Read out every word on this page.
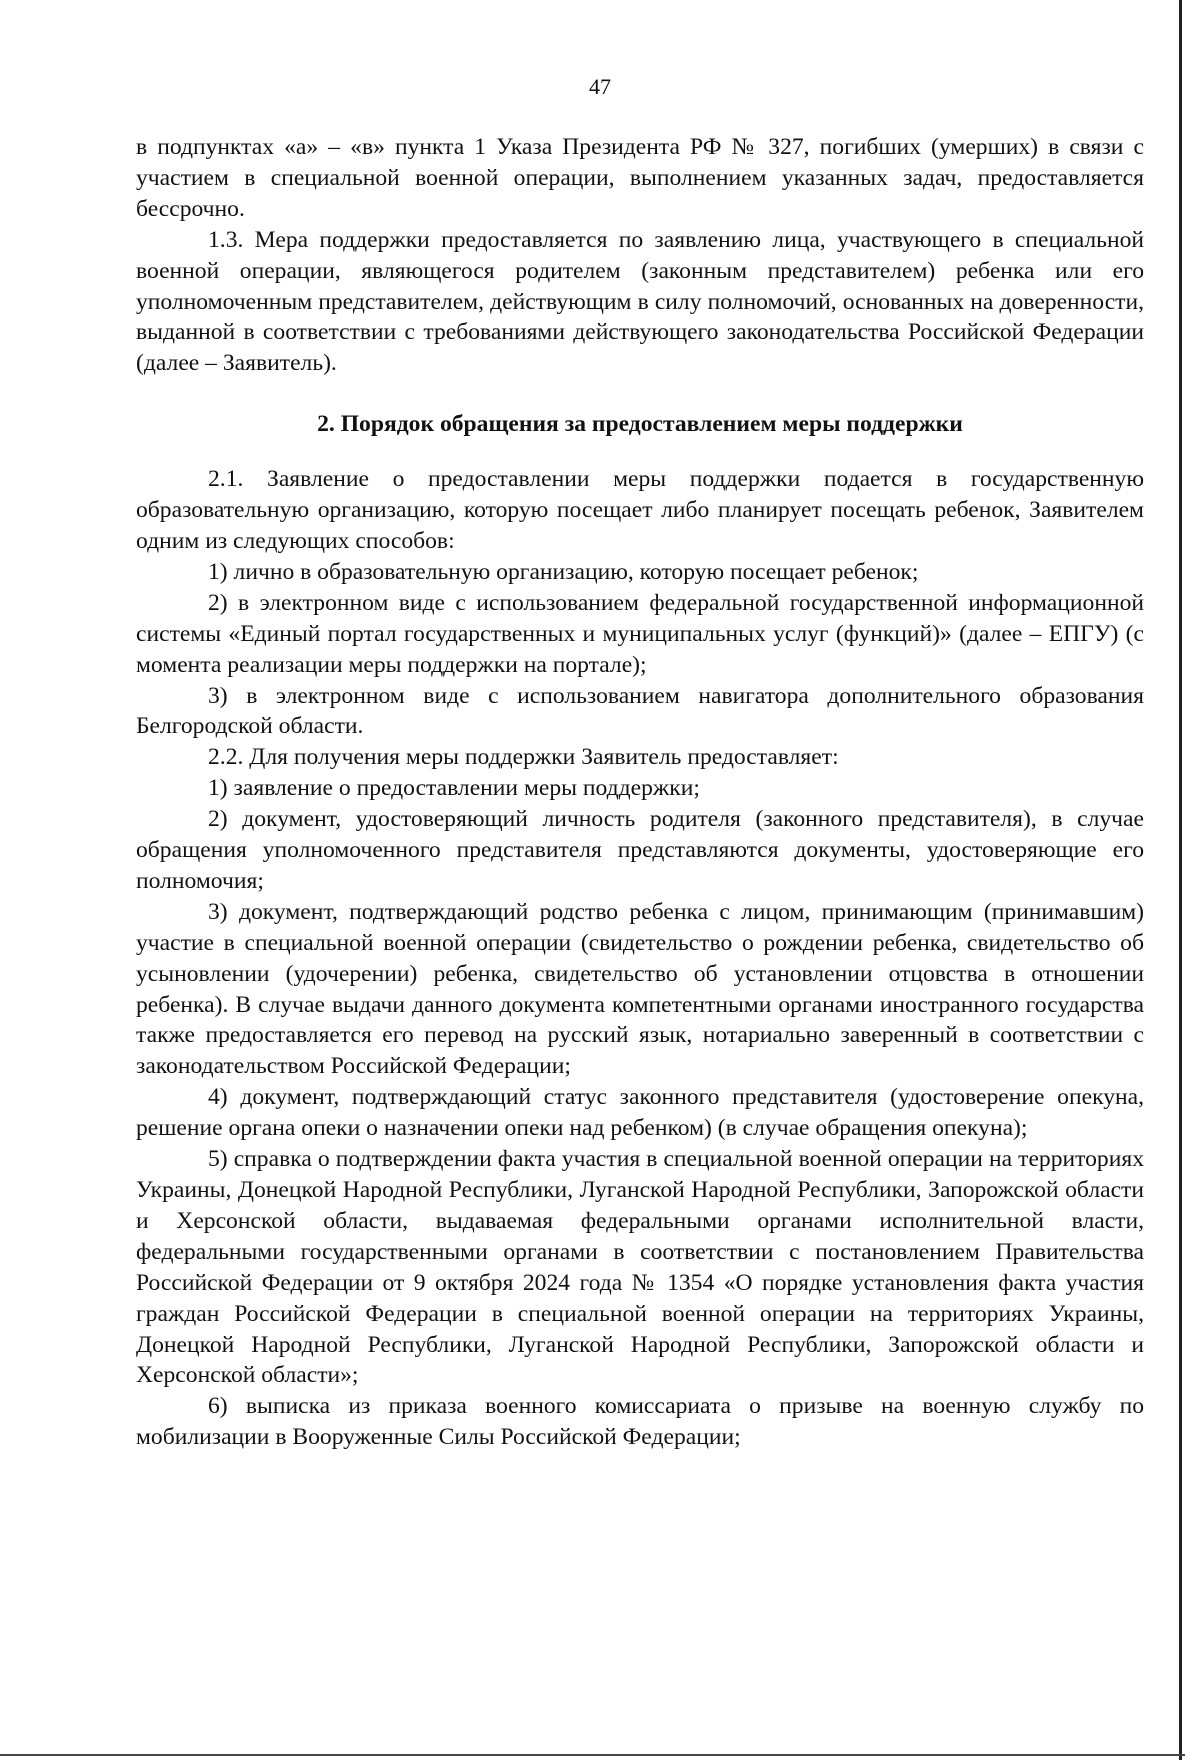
47

в подпунктах «а» – «в» пункта 1 Указа Президента РФ № 327, погибших (умерших) в связи с участием в специальной военной операции, выполнением указанных задач, предоставляется бессрочно.

1.3. Мера поддержки предоставляется по заявлению лица, участвующего в специальной военной операции, являющегося родителем (законным представителем) ребенка или его уполномоченным представителем, действующим в силу полномочий, основанных на доверенности, выданной в соответствии с требованиями действующего законодательства Российской Федерации (далее – Заявитель).

2. Порядок обращения за предоставлением меры поддержки

2.1. Заявление о предоставлении меры поддержки подается в государственную образовательную организацию, которую посещает либо планирует посещать ребенок, Заявителем одним из следующих способов:

1) лично в образовательную организацию, которую посещает ребенок;

2) в электронном виде с использованием федеральной государственной информационной системы «Единый портал государственных и муниципальных услуг (функций)» (далее – ЕПГУ) (с момента реализации меры поддержки на портале);

3) в электронном виде с использованием навигатора дополнительного образования Белгородской области.

2.2. Для получения меры поддержки Заявитель предоставляет:

1) заявление о предоставлении меры поддержки;

2) документ, удостоверяющий личность родителя (законного представителя), в случае обращения уполномоченного представителя представляются документы, удостоверяющие его полномочия;

3) документ, подтверждающий родство ребенка с лицом, принимающим (принимавшим) участие в специальной военной операции (свидетельство о рождении ребенка, свидетельство об усыновлении (удочерении) ребенка, свидетельство об установлении отцовства в отношении ребенка). В случае выдачи данного документа компетентными органами иностранного государства также предоставляется его перевод на русский язык, нотариально заверенный в соответствии с законодательством Российской Федерации;

4) документ, подтверждающий статус законного представителя (удостоверение опекуна, решение органа опеки о назначении опеки над ребенком) (в случае обращения опекуна);

5) справка о подтверждении факта участия в специальной военной операции на территориях Украины, Донецкой Народной Республики, Луганской Народной Республики, Запорожской области и Херсонской области, выдаваемая федеральными органами исполнительной власти, федеральными государственными органами в соответствии с постановлением Правительства Российской Федерации от 9 октября 2024 года № 1354 «О порядке установления факта участия граждан Российской Федерации в специальной военной операции на территориях Украины, Донецкой Народной Республики, Луганской Народной Республики, Запорожской области и Херсонской области»;

6) выписка из приказа военного комиссариата о призыве на военную службу по мобилизации в Вооруженные Силы Российской Федерации;
